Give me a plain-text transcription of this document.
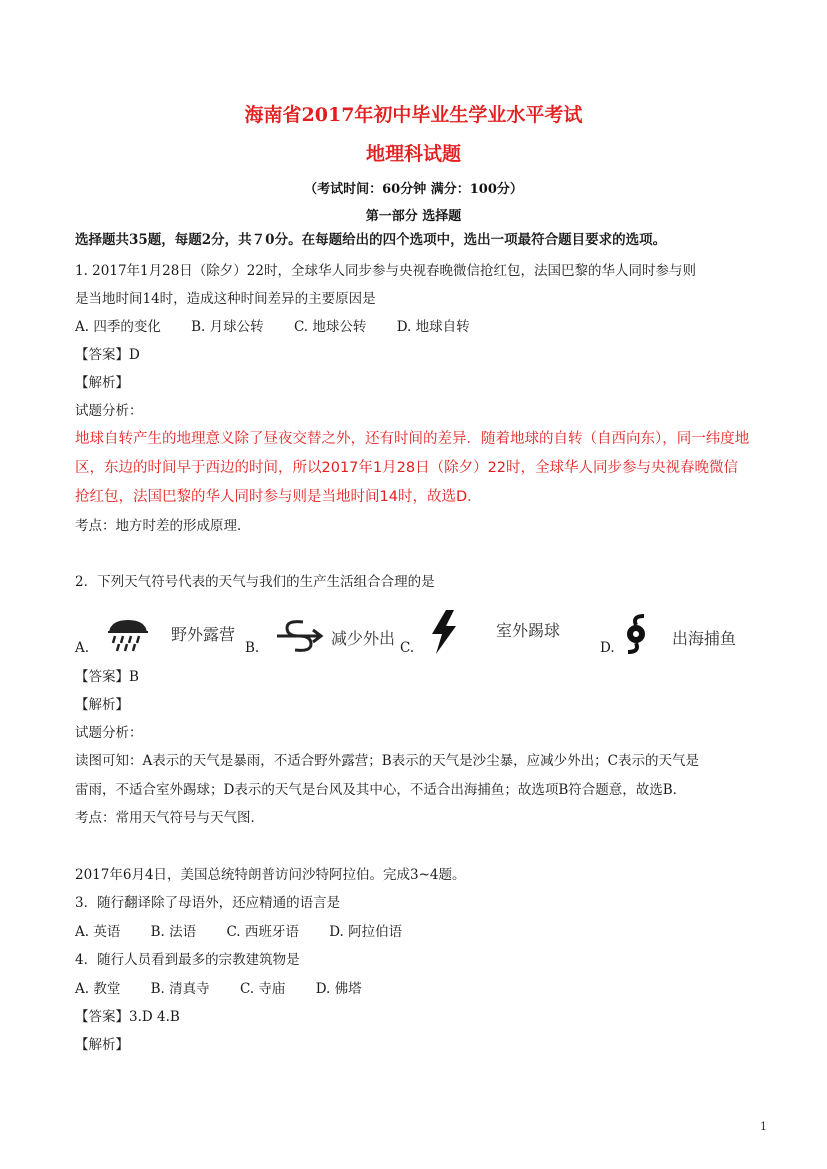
海南省2017年初中毕业生学业水平考试
地理科试题
（考试时间：60分钟 满分：100分）
第一部分 选择题
选择题共35题，每题2分，共７0分。在每题给出的四个选项中，选出一项最符合题目要求的选项。
1. 2017年1月28日（除夕）22时，全球华人同步参与央视春晚微信抢红包，法国巴黎的华人同时参与则
是当地时间14时，造成这种时间差异的主要原因是
A. 四季的变化 B. 月球公转 C. 地球公转 D. 地球自转
【答案】D
【解析】
试题分析：
地球自转产生的地理意义除了昼夜交替之外，还有时间的差异．随着地球的自转（自西向东），同一纬度地
区，东边的时间早于西边的时间，所以2017年1月28日（除夕）22时，全球华人同步参与央视春晚微信
抢红包，法国巴黎的华人同时参与则是当地时间14时，故选D．
考点：地方时差的形成原理．
2．下列天气符号代表的天气与我们的生产生活组合合理的是
A.
野外露营
B.	减少外出 C.
室外踢球
D.	出海捕鱼
【答案】B
【解析】
试题分析：
读图可知：A表示的天气是暴雨，不适合野外露营；B表示的天气是沙尘暴，应减少外出；C表示的天气是
雷雨，不适合室外踢球；D表示的天气是台风及其中心，不适合出海捕鱼；故选项B符合题意，故选B．
考点：常用天气符号与天气图．
2017年6月4日，美国总统特朗普访问沙特阿拉伯。完成3~4题。
3．随行翻译除了母语外，还应精通的语言是
A. 英语 B. 法语 C. 西班牙语 D. 阿拉伯语
4．随行人员看到最多的宗教建筑物是
A. 教堂 B. 清真寺 C. 寺庙 D. 佛塔
【答案】3.D 4.B
【解析】
1
